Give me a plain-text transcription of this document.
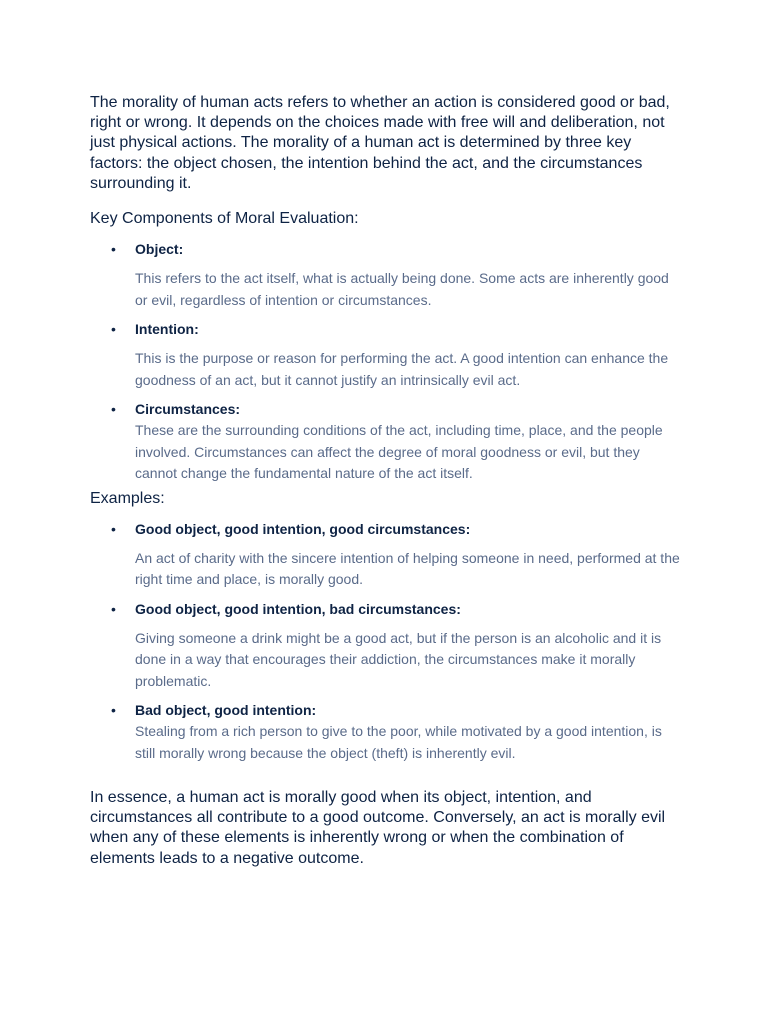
The morality of human acts refers to whether an action is considered good or bad, right or wrong. It depends on the choices made with free will and deliberation, not just physical actions. The morality of a human act is determined by three key factors: the object chosen, the intention behind the act, and the circumstances surrounding it.

Key Components of Moral Evaluation:

• Object:
This refers to the act itself, what is actually being done. Some acts are inherently good or evil, regardless of intention or circumstances.
• Intention:
This is the purpose or reason for performing the act. A good intention can enhance the goodness of an act, but it cannot justify an intrinsically evil act.
• Circumstances:
These are the surrounding conditions of the act, including time, place, and the people involved. Circumstances can affect the degree of moral goodness or evil, but they cannot change the fundamental nature of the act itself.

Examples:

• Good object, good intention, good circumstances:
An act of charity with the sincere intention of helping someone in need, performed at the right time and place, is morally good.
• Good object, good intention, bad circumstances:
Giving someone a drink might be a good act, but if the person is an alcoholic and it is done in a way that encourages their addiction, the circumstances make it morally problematic.
• Bad object, good intention:
Stealing from a rich person to give to the poor, while motivated by a good intention, is still morally wrong because the object (theft) is inherently evil.

In essence, a human act is morally good when its object, intention, and circumstances all contribute to a good outcome. Conversely, an act is morally evil when any of these elements is inherently wrong or when the combination of elements leads to a negative outcome.
